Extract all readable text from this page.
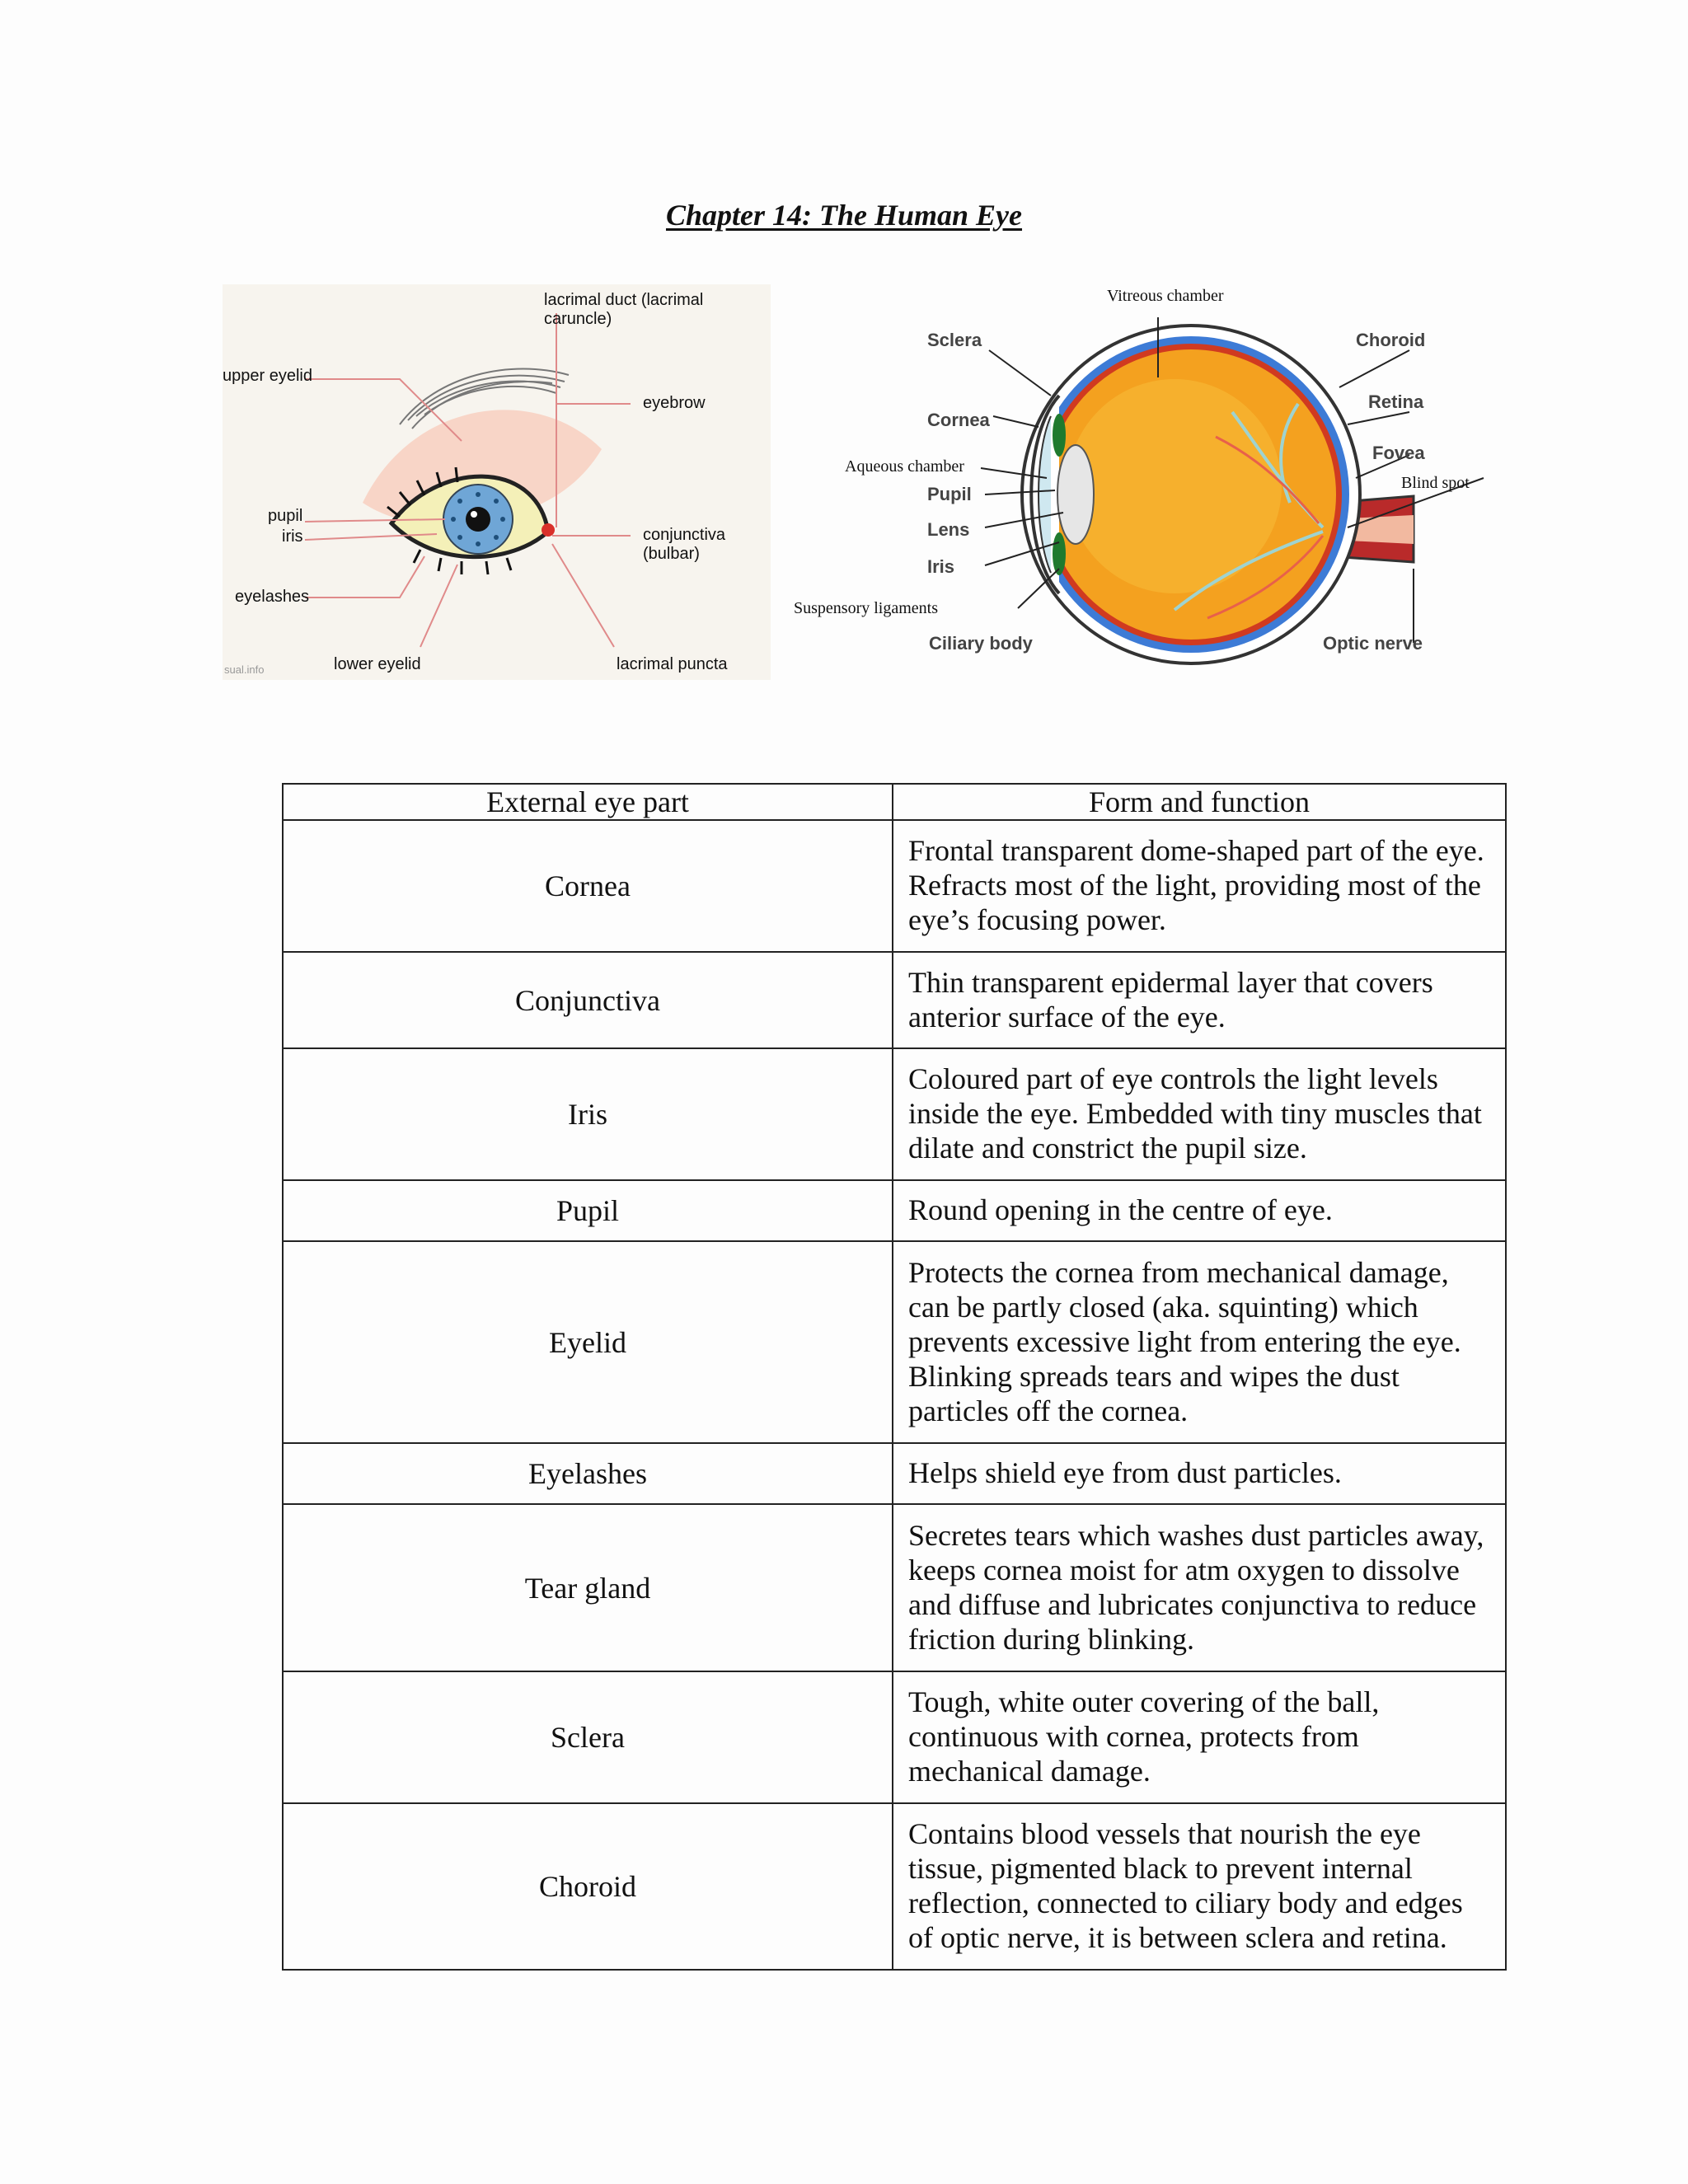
Chapter 14: The Human Eye
lacrimal duct (lacrimal caruncle)
upper eyelid
eyebrow
pupil
iris	conjunctiva (bulbar)
eyelashes
lower eyelid	lacrimal puncta
sual.info
Vitreous chamber
Sclera	Choroid
Retina
Cornea
Fovea
Aqueous chamber
Blind spot
Pupil
Lens
Iris
Suspensory ligaments
Ciliary body	Optic nerve
External eye part	Form and function
Cornea	Frontal transparent dome-shaped part of the eye. Refracts most of the light, providing most of the eye’s focusing power.
Conjunctiva	Thin transparent epidermal layer that covers anterior surface of the eye.
Iris	Coloured part of eye controls the light levels inside the eye. Embedded with tiny muscles that dilate and constrict the pupil size.
Pupil	Round opening in the centre of eye.
Eyelid	Protects the cornea from mechanical damage, can be partly closed (aka. squinting) which prevents excessive light from entering the eye. Blinking spreads tears and wipes the dust particles off the cornea.
Eyelashes	Helps shield eye from dust particles.
Tear gland	Secretes tears which washes dust particles away, keeps cornea moist for atm oxygen to dissolve and diffuse and lubricates conjunctiva to reduce friction during blinking.
Sclera	Tough, white outer covering of the ball, continuous with cornea, protects from mechanical damage.
Choroid	Contains blood vessels that nourish the eye tissue, pigmented black to prevent internal reflection, connected to ciliary body and edges of optic nerve, it is between sclera and retina.
